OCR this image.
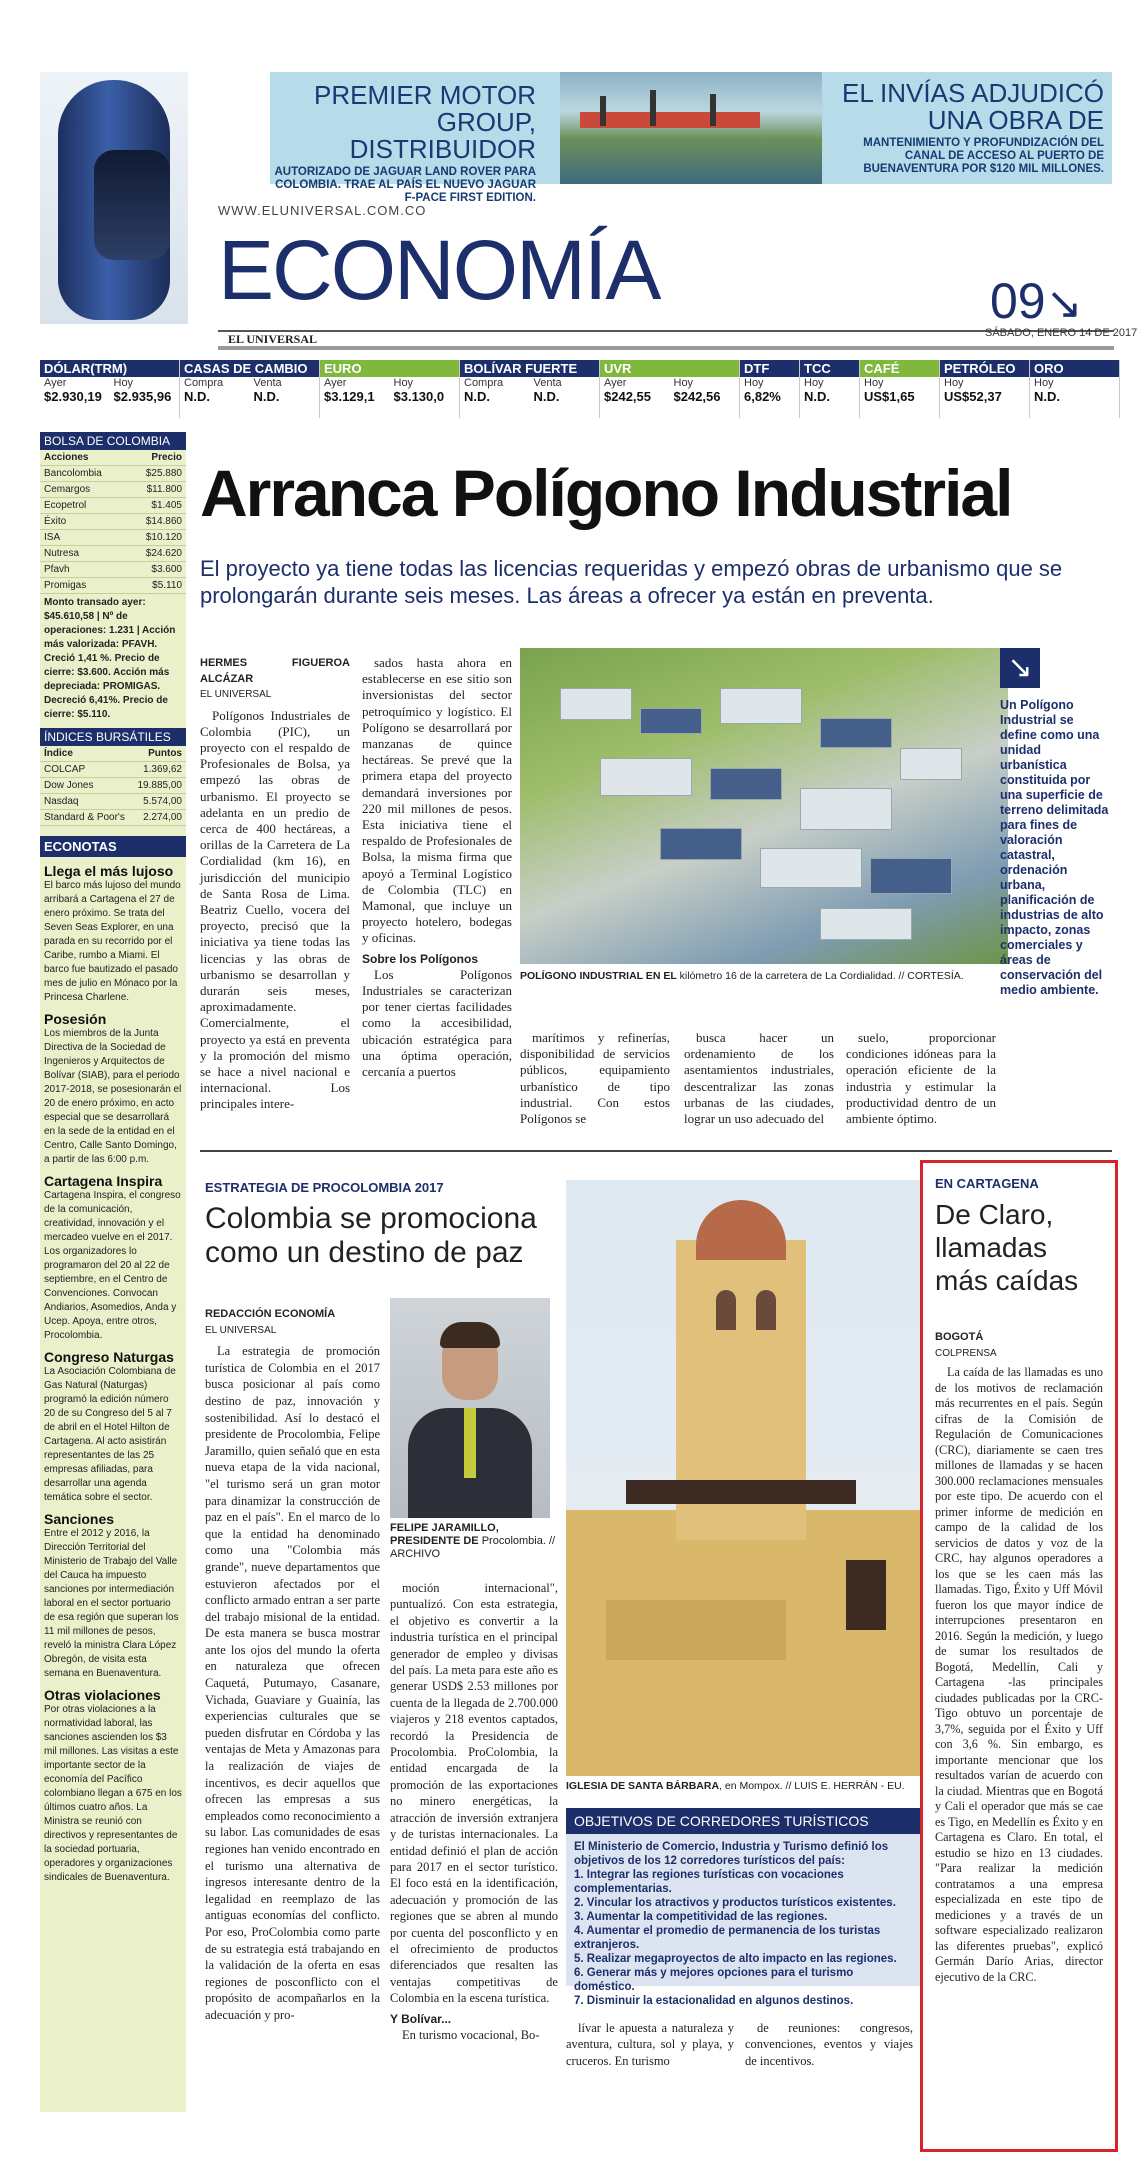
PREMIER MOTOR GROUP, DISTRIBUIDOR
AUTORIZADO DE JAGUAR LAND ROVER PARA COLOMBIA. TRAE AL PAÍS EL NUEVO JAGUAR F-PACE FIRST EDITION.
EL INVÍAS ADJUDICÓ UNA OBRA DE
MANTENIMIENTO Y PROFUNDIZACIÓN DEL CANAL DE ACCESO AL PUERTO DE BUENAVENTURA POR $120 MIL MILLONES.
WWW.ELUNIVERSAL.COM.CO
ECONOMÍA
EL UNIVERSAL
09↘
SÁBADO, ENERO 14 DE 2017
DÓLAR(TRM)
Ayer	Hoy
$2.930,19 $2.935,96
CASAS DE CAMBIO
Compra	Venta
N.D.	N.D.
EURO
Ayer	Hoy
$3.129,1	$3.130,0
BOLÍVAR FUERTE
Compra	Venta
N.D.	N.D.
UVR
Ayer	Hoy
$242,55	$242,56
DTF
Hoy
6,82%
TCC
Hoy
N.D.
CAFÉ
Hoy
US$1,65
PETRÓLEO
Hoy
US$52,37
ORO
Hoy
N.D.
BOLSA DE COLOMBIA
Acciones	Precio
Bancolombia	$25.880
Cemargos	$11.800
Ecopetrol	$1.405
Éxito	$14.860
ISA	$10.120
Nutresa	$24.620
Pfavh	$3.600
Promigas	$5.110
Monto transado ayer: $45.610,58 | Nº de operaciones: 1.231 | Acción más valorizada: PFAVH. Creció 1,41 %. Precio de cierre: $3.600. Acción más depreciada: PROMIGAS. Decreció 6,41%. Precio de cierre: $5.110.
ÍNDICES BURSÁTILES
Índice	Puntos
COLCAP	1.369,62
Dow Jones	19.885,00
Nasdaq	5.574,00
Standard & Poor's 2.274,00
ECONOTAS
Llega el más lujoso
El barco más lujoso del mundo arribará a Cartagena el 27 de enero próximo. Se trata del Seven Seas Explorer, en una parada en su recorrido por el Caribe, rumbo a Miami. El barco fue bautizado el pasado mes de julio en Mónaco por la Princesa Charlene.
Posesión
Los miembros de la Junta Directiva de la Sociedad de Ingenieros y Arquitectos de Bolívar (SIAB), para el periodo 2017-2018, se posesionarán el 20 de enero próximo, en acto especial que se desarrollará en la sede de la entidad en el Centro, Calle Santo Domingo, a partir de las 6:00 p.m.
Cartagena Inspira
Cartagena Inspira, el congreso de la comunicación, creatividad, innovación y el mercadeo vuelve en el 2017. Los organizadores lo programaron del 20 al 22 de septiembre, en el Centro de Convenciones. Convocan Andiarios, Asomedios, Anda y Ucep. Apoya, entre otros, Procolombia.
Congreso Naturgas
La Asociación Colombiana de Gas Natural (Naturgas) programó la edición número 20 de su Congreso del 5 al 7 de abril en el Hotel Hilton de Cartagena. Al acto asistirán representantes de las 25 empresas afiliadas, para desarrollar una agenda temática sobre el sector.
Sanciones
Entre el 2012 y 2016, la Dirección Territorial del Ministerio de Trabajo del Valle del Cauca ha impuesto sanciones por intermediación laboral en el sector portuario de esa región que superan los 11 mil millones de pesos, reveló la ministra Clara López Obregón, de visita esta semana en Buenaventura.
Otras violaciones
Por otras violaciones a la normatividad laboral, las sanciones ascienden los $3 mil millones. Las visitas a este importante sector de la economía del Pacífico colombiano llegan a 675 en los últimos cuatro años. La Ministra se reunió con directivos y representantes de la sociedad portuaria, operadores y organizaciones sindicales de Buenaventura.
Arranca Polígono Industrial
El proyecto ya tiene todas las licencias requeridas y empezó obras de urbanismo que se prolongarán durante seis meses. Las áreas a ofrecer ya están en preventa.
HERMES FIGUEROA ALCÁZAR
EL UNIVERSAL

Polígonos Industriales de Colombia (PIC), un proyecto con el respaldo de Profesionales de Bolsa, ya empezó las obras de urbanismo. El proyecto se adelanta en un predio de cerca de 400 hectáreas, a orillas de la Carretera de La Cordialidad (km 16), en jurisdicción del municipio de Santa Rosa de Lima. Beatriz Cuello, vocera del proyecto, precisó que la iniciativa ya tiene todas las licencias y las obras de urbanismo se desarrollan y durarán seis meses, aproximadamente. Comercialmente, el proyecto ya está en preventa y la promoción del mismo se hace a nivel nacional e internacional. Los principales intere-

sados hasta ahora en establecerse en ese sitio son inversionistas del sector petroquímico y logístico. El Polígono se desarrollará por manzanas de quince hectáreas. Se prevé que la primera etapa del proyecto demandará inversiones por 220 mil millones de pesos. Esta iniciativa tiene el respaldo de Profesionales de Bolsa, la misma firma que apoyó a Terminal Logístico de Colombia (TLC) en Mamonal, que incluye un proyecto hotelero, bodegas y oficinas.

Sobre los Polígonos

Los Polígonos Industriales se caracterizan por tener ciertas facilidades como la accesibilidad, ubicación estratégica para una óptima operación, cercanía a puertos

POLÍGONO INDUSTRIAL EN EL kilómetro 16 de la carretera de La Cordialidad. // CORTESÍA.
↘
Un Polígono Industrial se define como una unidad urbanística constituida por una superficie de terreno delimitada para fines de valoración catastral, ordenación urbana, planificación de industrias de alto impacto, zonas comerciales y áreas de conservación del medio ambiente.

marítimos y refinerías, disponibilidad de servicios públicos, equipamiento urbanístico de tipo industrial. Con estos Polígonos se

busca hacer un ordenamiento de los asentamientos industriales, descentralizar las zonas urbanas de las ciudades, lograr un uso adecuado del

suelo, proporcionar condiciones idóneas para la operación eficiente de la industria y estimular la productividad dentro de un ambiente óptimo.

ESTRATEGIA DE PROCOLOMBIA 2017
Colombia se promociona como un destino de paz
REDACCIÓN ECONOMÍA
EL UNIVERSAL

La estrategia de promoción turística de Colombia en el 2017 busca posicionar al país como destino de paz, innovación y sostenibilidad. Así lo destacó el presidente de Procolombia, Felipe Jaramillo, quien señaló que en esta nueva etapa de la vida nacional, "el turismo será un gran motor para dinamizar la construcción de paz en el país". En el marco de lo que la entidad ha denominado como una "Colombia más grande", nueve departamentos que estuvieron afectados por el conflicto armado entran a ser parte del trabajo misional de la entidad. De esta manera se busca mostrar ante los ojos del mundo la oferta en naturaleza que ofrecen Caquetá, Putumayo, Casanare, Vichada, Guaviare y Guainía, las experiencias culturales que se pueden disfrutar en Córdoba y las ventajas de Meta y Amazonas para la realización de viajes de incentivos, es decir aquellos que ofrecen las empresas a sus empleados como reconocimiento a su labor. Las comunidades de esas regiones han venido encontrado en el turismo una alternativa de ingresos interesante dentro de la legalidad en reemplazo de las antiguas economías del conflicto. Por eso, ProColombia como parte de su estrategia está trabajando en la validación de la oferta en esas regiones de posconflicto con el propósito de acompañarlos en la adecuación y pro-

FELIPE JARAMILLO, PRESIDENTE DE Procolombia. // ARCHIVO

moción internacional", puntualizó. Con esta estrategia, el objetivo es convertir a la industria turística en el principal generador de empleo y divisas del país. La meta para este año es generar USD$ 2.53 millones por cuenta de la llegada de 2.700.000 viajeros y 218 eventos captados, recordó la Presidencia de Procolombia. ProColombia, la entidad encargada de la promoción de las exportaciones no minero energéticas, la atracción de inversión extranjera y de turistas internacionales. La entidad definió el plan de acción para 2017 en el sector turístico. El foco está en la identificación, adecuación y promoción de las regiones que se abren al mundo por cuenta del posconflicto y en el ofrecimiento de productos diferenciados que resalten las ventajas competitivas de Colombia en la escena turística.

Y Bolívar...

En turismo vocacional, Bo-

IGLESIA DE SANTA BÁRBARA, en Mompox. // LUIS E. HERRÁN - EU.
OBJETIVOS DE CORREDORES TURÍSTICOS
El Ministerio de Comercio, Industria y Turismo definió los objetivos de los 12 corredores turísticos del país:
1. Integrar las regiones turísticas con vocaciones complementarias.
2. Vincular los atractivos y productos turísticos existentes.
3. Aumentar la competitividad de las regiones.
4. Aumentar el promedio de permanencia de los turistas extranjeros.
5. Realizar megaproyectos de alto impacto en las regiones.
6. Generar más y mejores opciones para el turismo doméstico.
7. Disminuir la estacionalidad en algunos destinos.

lívar le apuesta a naturaleza y aventura, cultura, sol y playa, y cruceros. En turismo

de reuniones: congresos, convenciones, eventos y viajes de incentivos.

EN CARTAGENA
De Claro, llamadas más caídas
BOGOTÁ
COLPRENSA

La caída de las llamadas es uno de los motivos de reclamación más recurrentes en el país. Según cifras de la Comisión de Regulación de Comunicaciones (CRC), diariamente se caen tres millones de llamadas y se hacen 300.000 reclamaciones mensuales por este tipo. De acuerdo con el primer informe de medición en campo de la calidad de los servicios de datos y voz de la CRC, hay algunos operadores a los que se les caen más las llamadas. Tigo, Éxito y Uff Móvil fueron los que mayor índice de interrupciones presentaron en 2016. Según la medición, y luego de sumar los resultados de Bogotá, Medellín, Cali y Cartagena -las principales ciudades publicadas por la CRC- Tigo obtuvo un porcentaje de 3,7%, seguida por el Éxito y Uff con 3,6 %. Sin embargo, es importante mencionar que los resultados varían de acuerdo con la ciudad. Mientras que en Bogotá y Cali el operador que más se cae es Tigo, en Medellín es Éxito y en Cartagena es Claro. En total, el estudio se hizo en 13 ciudades. "Para realizar la medición contratamos a una empresa especializada en este tipo de mediciones y a través de un software especializado realizaron las diferentes pruebas", explicó Germán Darío Arias, director ejecutivo de la CRC.
